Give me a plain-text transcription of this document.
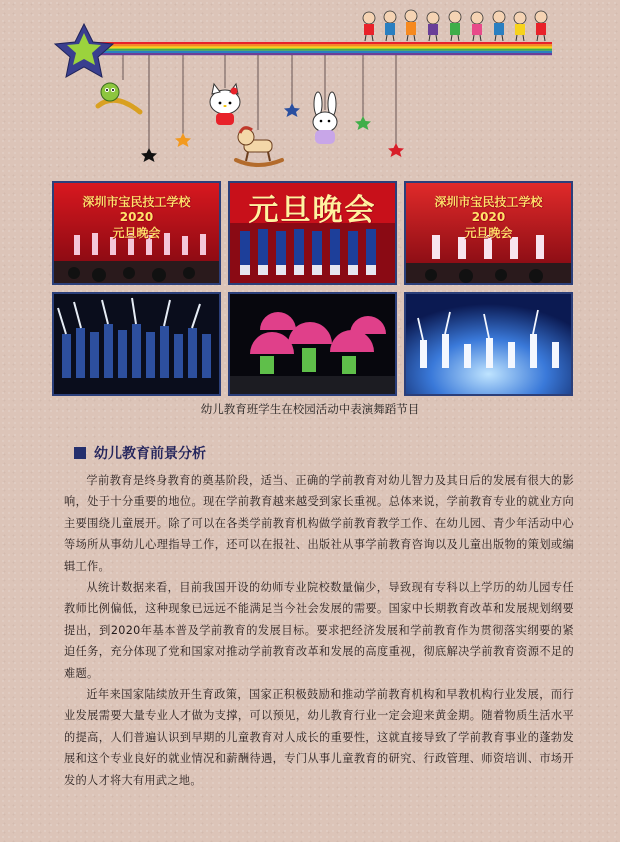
深圳市宝民技工学校
2020
元旦晚会
元旦晚会	深圳市宝民技工学校
2020
元旦晚会
幼儿教育班学生在校园活动中表演舞蹈节目
幼儿教育前景分析

学前教育是终身教育的奠基阶段，适当、正确的学前教育对幼儿智力及其日后的发展有很大的影响，处于十分重要的地位。现在学前教育越来越受到家长重视。总体来说，学前教育专业的就业方向主要围绕儿童展开。除了可以在各类学前教育机构做学前教育教学工作、在幼儿园、青少年活动中心等场所从事幼儿心理指导工作，还可以在报社、出版社从事学前教育咨询以及儿童出版物的策划或编辑工作。

从统计数据来看，目前我国开设的幼师专业院校数量偏少，导致现有专科以上学历的幼儿园专任教师比例偏低，这种现象已远远不能满足当今社会发展的需要。国家中长期教育改革和发展规划纲要提出，到2020年基本普及学前教育的发展目标。要求把经济发展和学前教育作为贯彻落实纲要的紧迫任务，充分体现了党和国家对推动学前教育改革和发展的高度重视，彻底解决学前教育资源不足的难题。

近年来国家陆续放开生育政策，国家正积极鼓励和推动学前教育机构和早教机构行业发展，而行业发展需要大量专业人才做为支撑，可以预见，幼儿教育行业一定会迎来黄金期。随着物质生活水平的提高，人们普遍认识到早期的儿童教育对人成长的重要性，这就直接导致了学前教育事业的蓬勃发展和这个专业良好的就业情况和薪酬待遇，专门从事儿童教育的研究、行政管理、师资培训、市场开发的人才将大有用武之地。
